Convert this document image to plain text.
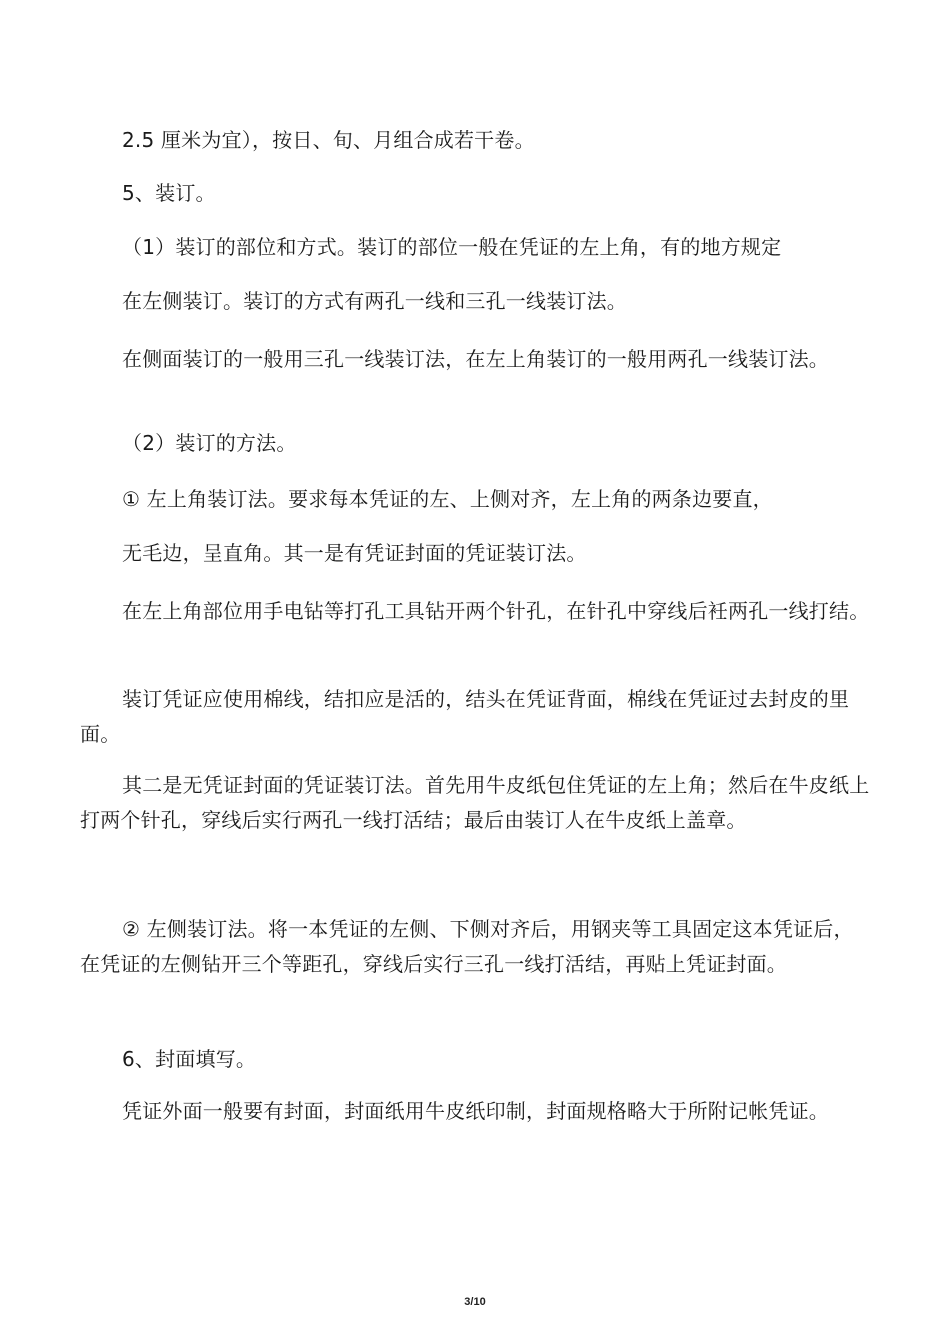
2.5 厘米为宜），按日、旬、月组合成若干卷。

5、装订。

（1）装订的部位和方式。装订的部位一般在凭证的左上角，有的地方规定

在左侧装订。装订的方式有两孔一线和三孔一线装订法。

在侧面装订的一般用三孔一线装订法，在左上角装订的一般用两孔一线装订法。

（2）装订的方法。

① 左上角装订法。要求每本凭证的左、上侧对齐，左上角的两条边要直，

无毛边，呈直角。其一是有凭证封面的凭证装订法。

在左上角部位用手电钻等打孔工具钻开两个针孔，在针孔中穿线后衽两孔一线打结。

装订凭证应使用棉线，结扣应是活的，结头在凭证背面，棉线在凭证过去封皮的里面。

其二是无凭证封面的凭证装订法。首先用牛皮纸包住凭证的左上角；然后在牛皮纸上打两个针孔，穿线后实行两孔一线打活结；最后由装订人在牛皮纸上盖章。

② 左侧装订法。将一本凭证的左侧、下侧对齐后，用钢夹等工具固定这本凭证后，在凭证的左侧钻开三个等距孔，穿线后实行三孔一线打活结，再贴上凭证封面。

6、封面填写。

凭证外面一般要有封面，封面纸用牛皮纸印制，封面规格略大于所附记帐凭证。

3/10
